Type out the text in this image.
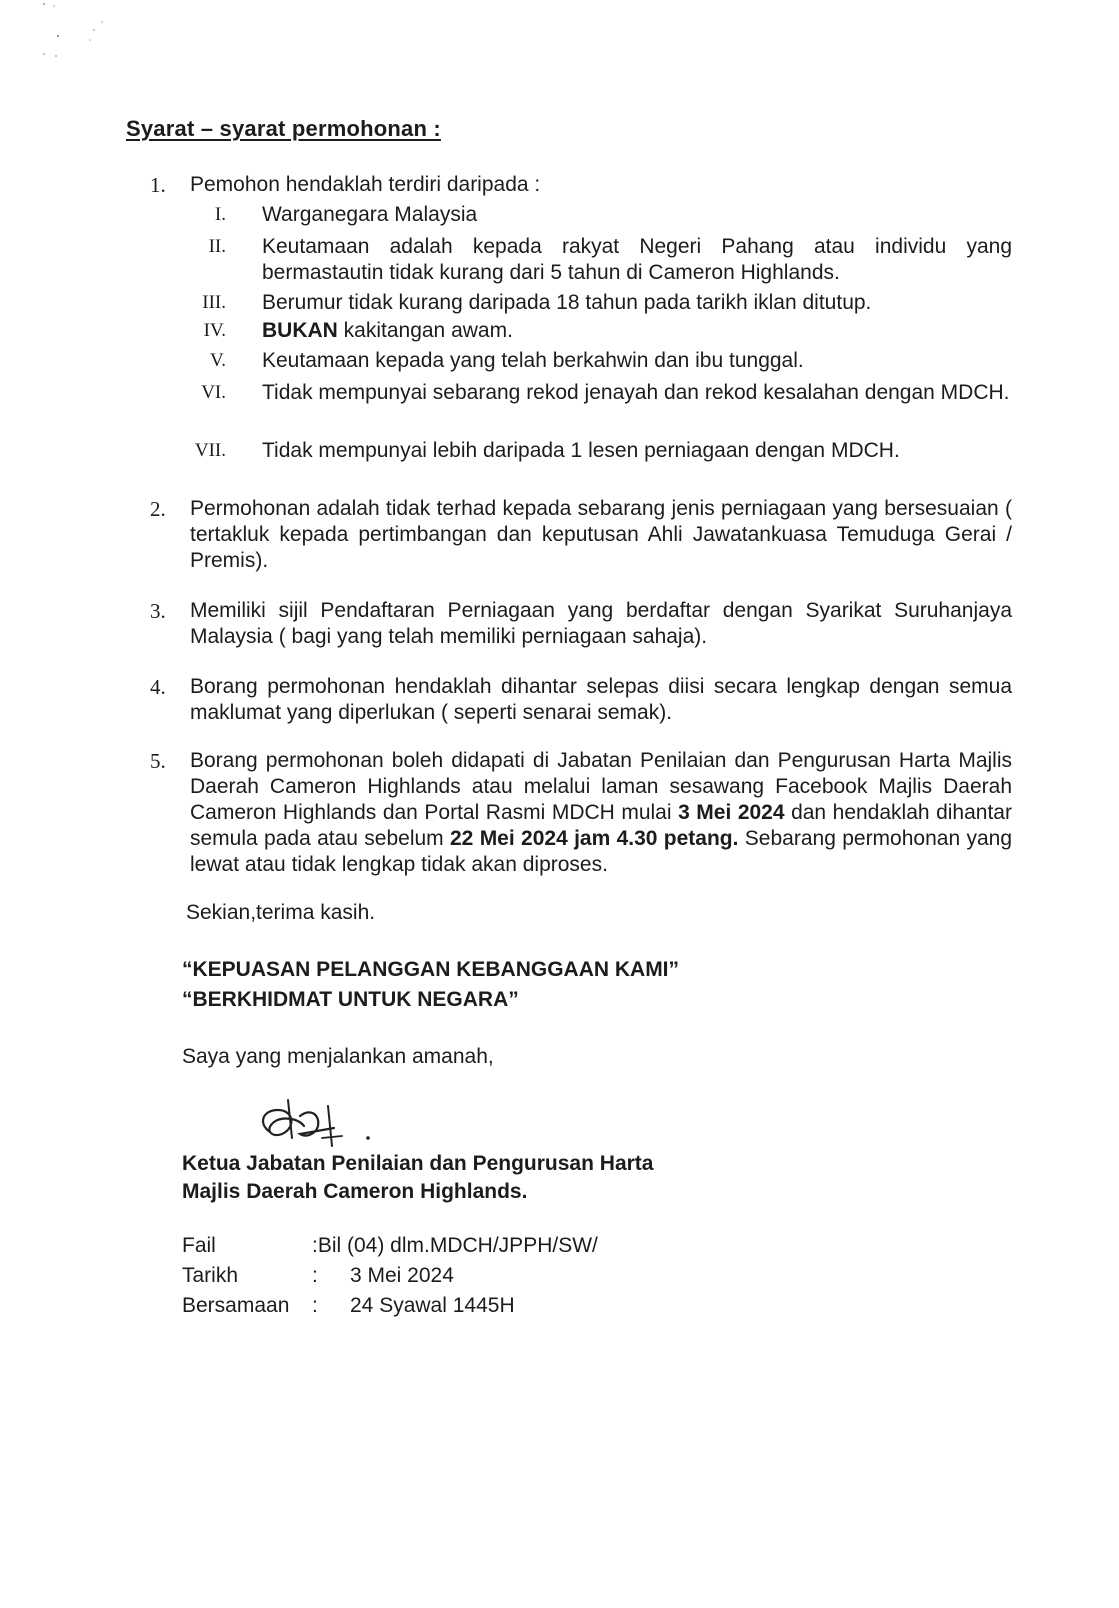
Syarat – syarat permohonan :
1.	Pemohon hendaklah terdiri daripada :
I. Warganegara Malaysia
II. Keutamaan adalah kepada rakyat Negeri Pahang atau individu yang bermastautin tidak kurang dari 5 tahun di Cameron Highlands.
III. Berumur tidak kurang daripada 18 tahun pada tarikh iklan ditutup.
IV. BUKAN kakitangan awam.
V. Keutamaan kepada yang telah berkahwin dan ibu tunggal.
VI. Tidak mempunyai sebarang rekod jenayah dan rekod kesalahan dengan MDCH.
VII. Tidak mempunyai lebih daripada 1 lesen perniagaan dengan MDCH.
2.	Permohonan adalah tidak terhad kepada sebarang jenis perniagaan yang bersesuaian ( tertakluk kepada pertimbangan dan keputusan Ahli Jawatankuasa Temuduga Gerai / Premis).
3.	Memiliki sijil Pendaftaran Perniagaan yang berdaftar dengan Syarikat Suruhanjaya Malaysia ( bagi yang telah memiliki perniagaan sahaja).
4.	Borang permohonan hendaklah dihantar selepas diisi secara lengkap dengan semua maklumat yang diperlukan ( seperti senarai semak).
5.	Borang permohonan boleh didapati di Jabatan Penilaian dan Pengurusan Harta Majlis Daerah Cameron Highlands atau melalui laman sesawang Facebook Majlis Daerah Cameron Highlands dan Portal Rasmi MDCH mulai 3 Mei 2024 dan hendaklah dihantar semula pada atau sebelum 22 Mei 2024 jam 4.30 petang. Sebarang permohonan yang lewat atau tidak lengkap tidak akan diproses.
Sekian,terima kasih.
“KEPUASAN PELANGGAN KEBANGGAAN KAMI”
“BERKHIDMAT UNTUK NEGARA”
Saya yang menjalankan amanah,
Ketua Jabatan Penilaian dan Pengurusan Harta
Majlis Daerah Cameron Highlands.
Fail	:Bil (04) dlm.MDCH/JPPH/SW/
Tarikh	:	3 Mei 2024
Bersamaan	:	24 Syawal 1445H
